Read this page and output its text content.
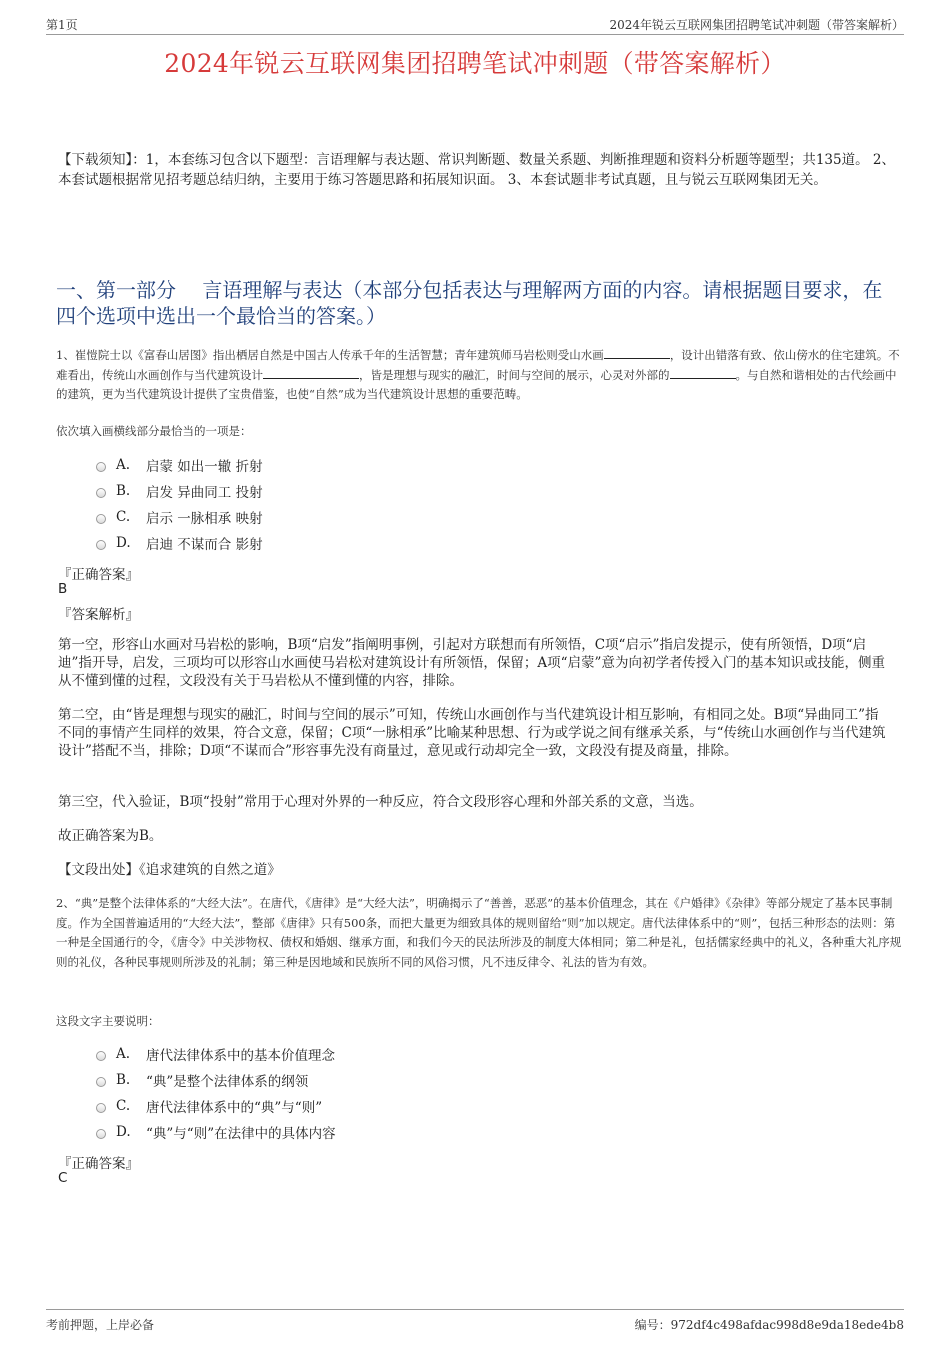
第1页	2024年锐云互联网集团招聘笔试冲刺题（带答案解析）
2024年锐云互联网集团招聘笔试冲刺题（带答案解析）
【下载须知】：1，本套练习包含以下题型：言语理解与表达题、常识判断题、数量关系题、判断推理题和资料分析题等题型；共135道。 2、本套试题根据常见招考题总结归纳，主要用于练习答题思路和拓展知识面。 3、本套试题非考试真题，且与锐云互联网集团无关。
一、第一部分　 言语理解与表达（本部分包括表达与理解两方面的内容。请根据题目要求，在四个选项中选出一个最恰当的答案。）
1、崔愷院士以《富春山居图》指出栖居自然是中国古人传承千年的生活智慧；青年建筑师马岩松则受山水画	，设计出错落有致、依山傍水的住宅建筑。不难看出，传统山水画创作与当代建筑设计	，皆是理想与现实的融汇，时间与空间的展示，心灵对外部的	。与自然和谐相处的古代绘画中的建筑，更为当代建筑设计提供了宝贵借鉴，也使“自然”成为当代建筑设计思想的重要范畴。
依次填入画横线部分最恰当的一项是：
A.	启蒙 如出一辙 折射
B.	启发 异曲同工 投射
C.	启示 一脉相承 映射
D.	启迪 不谋而合 影射
『正确答案』
B
『答案解析』
第一空，形容山水画对马岩松的影响，B项“启发”指阐明事例，引起对方联想而有所领悟，C项“启示”指启发提示，使有所领悟，D项“启迪”指开导，启发，三项均可以形容山水画使马岩松对建筑设计有所领悟，保留；A项“启蒙”意为向初学者传授入门的基本知识或技能，侧重从不懂到懂的过程，文段没有关于马岩松从不懂到懂的内容，排除。
第二空，由“皆是理想与现实的融汇，时间与空间的展示”可知，传统山水画创作与当代建筑设计相互影响，有相同之处。B项“异曲同工”指不同的事情产生同样的效果，符合文意，保留；C项“一脉相承”比喻某种思想、行为或学说之间有继承关系，与“传统山水画创作与当代建筑设计”搭配不当，排除；D项“不谋而合”形容事先没有商量过，意见或行动却完全一致，文段没有提及商量，排除。
第三空，代入验证，B项“投射”常用于心理对外界的一种反应，符合文段形容心理和外部关系的文意，当选。
故正确答案为B。
【文段出处】《追求建筑的自然之道》
2、“典”是整个法律体系的“大经大法”。在唐代，《唐律》是“大经大法”，明确揭示了“善善，恶恶”的基本价值理念，其在《户婚律》《杂律》等部分规定了基本民事制度。作为全国普遍适用的“大经大法”，整部《唐律》只有500条，而把大量更为细致具体的规则留给“则”加以规定。唐代法律体系中的“则”，包括三种形态的法则：第一种是全国通行的令，《唐令》中关涉物权、债权和婚姻、继承方面，和我们今天的民法所涉及的制度大体相同；第二种是礼，包括儒家经典中的礼义，各种重大礼序规则的礼仪，各种民事规则所涉及的礼制；第三种是因地域和民族所不同的风俗习惯，凡不违反律令、礼法的皆为有效。
这段文字主要说明：
A.	唐代法律体系中的基本价值理念
B.	“典”是整个法律体系的纲领
C.	唐代法律体系中的“典”与“则”
D.	“典”与“则”在法律中的具体内容
『正确答案』
C
考前押题，上岸必备	编号：972df4c498afdac998d8e9da18ede4b8
